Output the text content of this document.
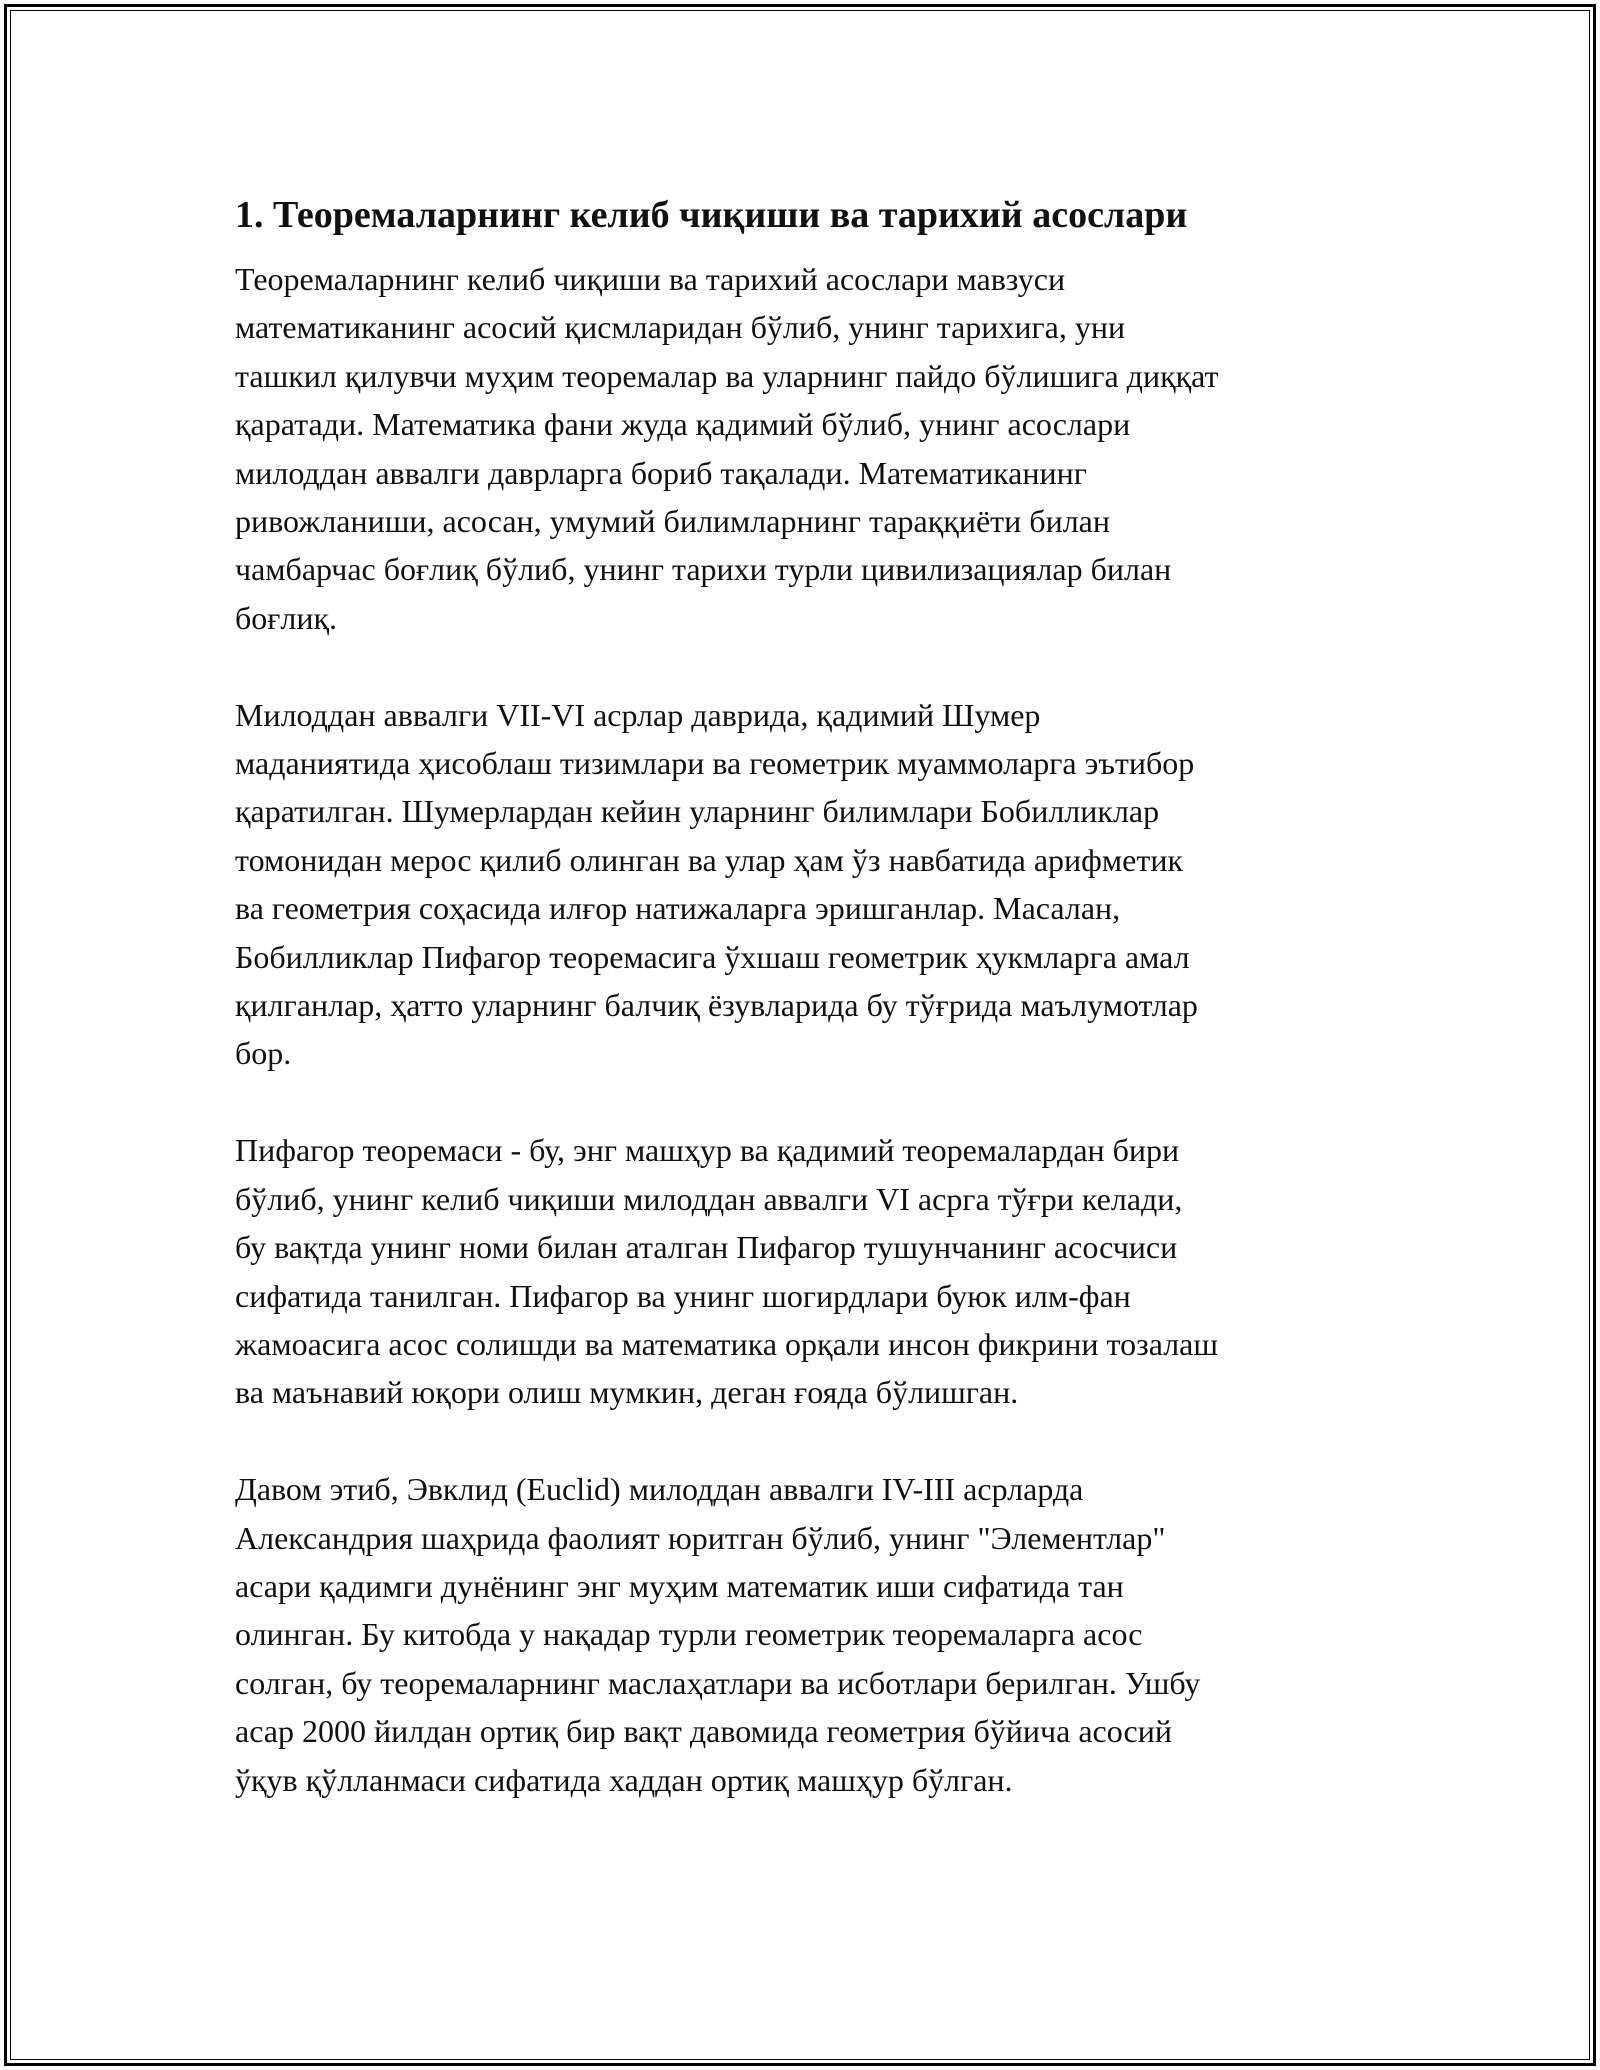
1. Теоремаларнинг келиб чиқиши ва тарихий асослари
Теоремаларнинг келиб чиқиши ва тарихий асослари мавзуси
математиканинг асосий қисмларидан бўлиб, унинг тарихига, уни
ташкил қилувчи муҳим теоремалар ва уларнинг пайдо бўлишига диққат
қаратади. Математика фани жуда қадимий бўлиб, унинг асослари
милоддан аввалги даврларга бориб тақалади. Математиканинг
ривожланиши, асосан, умумий билимларнинг тараққиёти билан
чамбарчас боғлиқ бўлиб, унинг тарихи турли цивилизациялар билан
боғлиқ.
Милоддан аввалги VII-VI асрлар даврида, қадимий Шумер
маданиятида ҳисоблаш тизимлари ва геометрик муаммоларга эътибор
қаратилган. Шумерлардан кейин уларнинг билимлари Бобилликлар
томонидан мерос қилиб олинган ва улар ҳам ўз навбатида арифметик
ва геометрия соҳасида илғор натижаларга эришганлар. Масалан,
Бобилликлар Пифагор теоремасига ўхшаш геометрик ҳукмларга амал
қилганлар, ҳатто уларнинг балчиқ ёзувларида бу тўғрида маълумотлар
бор.
Пифагор теоремаси - бу, энг машҳур ва қадимий теоремалардан бири
бўлиб, унинг келиб чиқиши милоддан аввалги VI асрга тўғри келади,
бу вақтда унинг номи билан аталган Пифагор тушунчанинг асосчиси
сифатида танилган. Пифагор ва унинг шогирдлари буюк илм-фан
жамоасига асос солишди ва математика орқали инсон фикрини тозалаш
ва маънавий юқори олиш мумкин, деган ғояда бўлишган.
Давом этиб, Эвклид (Euclid) милоддан аввалги IV-III асрларда
Александрия шаҳрида фаолият юритган бўлиб, унинг "Элементлар"
асари қадимги дунёнинг энг муҳим математик иши сифатида тан
олинган. Бу китобда у нақадар турли геометрик теоремаларга асос
солган, бу теоремаларнинг маслаҳатлари ва исботлари берилган. Ушбу
асар 2000 йилдан ортиқ бир вақт давомида геометрия бўйича асосий
ўқув қўлланмаси сифатида хаддан ортиқ машҳур бўлган.
